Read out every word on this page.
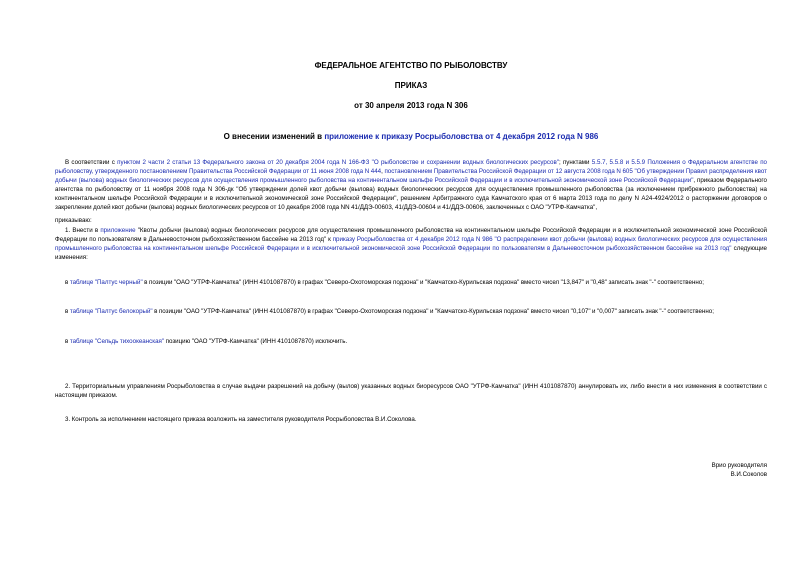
ФЕДЕРАЛЬНОЕ АГЕНТСТВО ПО РЫБОЛОВСТВУ
ПРИКАЗ
от 30 апреля 2013 года N 306
О внесении изменений в приложение к приказу Росрыболовства от 4 декабря 2012 года N 986
В соответствии с пунктом 2 части 2 статьи 13 Федерального закона от 20 декабря 2004 года N 166-ФЗ "О рыболовстве и сохранении водных биологических ресурсов"; пунктами 5.5.7, 5.5.8 и 5.5.9 Положения о Федеральном агентстве по рыболовству, утвержденного постановлением Правительства Российской Федерации от 11 июня 2008 года N 444, постановлением Правительства Российской Федерации от 12 августа 2008 года N 605 "Об утверждении Правил распределения квот добычи (вылова) водных биологических ресурсов для осуществления промышленного рыболовства на континентальном шельфе Российской Федерации и в исключительной экономической зоне Российской Федерации", приказом Федерального агентства по рыболовству от 11 ноября 2008 года N 306-дк "Об утверждении долей квот добычи (вылова) водных биологических ресурсов для осуществления промышленного рыболовства (за исключением прибрежного рыболовства) на континентальном шельфе Российской Федерации и в исключительной экономической зоне Российской Федерации", решением Арбитражного суда Камчатского края от 6 марта 2013 года по делу N А24-4924/2012 о расторжении договоров о закреплении долей квот добычи (вылова) водных биологических ресурсов от 10 декабря 2008 года NN 41/ДДЭ-00603, 41/ДДЭ-00604 и 41/ДДЭ-00606, заключенных с ОАО "УТРФ-Камчатка",
приказываю:
1. Внести в приложение "Квоты добычи (вылова) водных биологических ресурсов для осуществления промышленного рыболовства на континентальном шельфе Российской Федерации и в исключительной экономической зоне Российской Федерации по пользователям в Дальневосточном рыбохозяйственном бассейне на 2013 год" к приказу Росрыболовства от 4 декабря 2012 года N 986 "О распределении квот добычи (вылова) водных биологических ресурсов для осуществления промышленного рыболовства на континентальном шельфе Российской Федерации и в исключительной экономической зоне Российской Федерации по пользователям в Дальневосточном рыбохозяйственном бассейне на 2013 год" следующие изменения:
в таблице "Палтус черный" в позиции "ОАО "УТРФ-Камчатка" (ИНН 4101087870) в графах "Северо-Охотоморская подзона" и "Камчатско-Курильская подзона" вместо чисел "13,847" и "0,48" записать знак "-" соответственно;
в таблице "Палтус белокорый" в позиции "ОАО "УТРФ-Камчатка" (ИНН 4101087870) в графах "Северо-Охотоморская подзона" и "Камчатско-Курильская подзона" вместо чисел "0,107" и "0,007" записать знак "-" соответственно;
в таблице "Сельдь тихоокеанская" позицию "ОАО "УТРФ-Камчатка" (ИНН 4101087870) исключить.
2. Территориальным управлениям Росрыболовства в случае выдачи разрешений на добычу (вылов) указанных водных биоресурсов ОАО "УТРФ-Камчатка" (ИНН 4101087870) аннулировать их, либо внести в них изменения в соответствии с настоящим приказом.
3. Контроль за исполнением настоящего приказа возложить на заместителя руководителя Росрыболовства В.И.Соколова.
Врио руководителя
В.И.Соколов
